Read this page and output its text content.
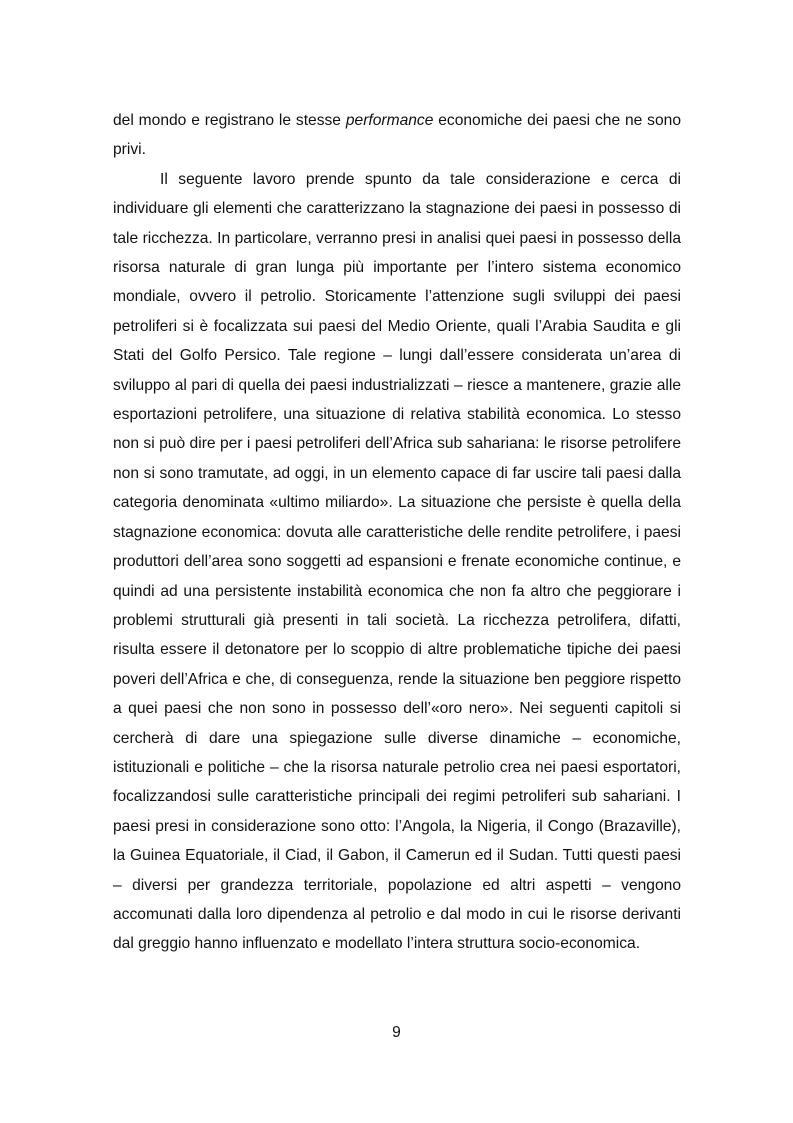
del mondo e registrano le stesse performance economiche dei paesi che ne sono privi.

Il seguente lavoro prende spunto da tale considerazione e cerca di individuare gli elementi che caratterizzano la stagnazione dei paesi in possesso di tale ricchezza. In particolare, verranno presi in analisi quei paesi in possesso della risorsa naturale di gran lunga più importante per l’intero sistema economico mondiale, ovvero il petrolio. Storicamente l’attenzione sugli sviluppi dei paesi petroliferi si è focalizzata sui paesi del Medio Oriente, quali l’Arabia Saudita e gli Stati del Golfo Persico. Tale regione – lungi dall’essere considerata un’area di sviluppo al pari di quella dei paesi industrializzati – riesce a mantenere, grazie alle esportazioni petrolifere, una situazione di relativa stabilità economica. Lo stesso non si può dire per i paesi petroliferi dell’Africa sub sahariana: le risorse petrolifere non si sono tramutate, ad oggi, in un elemento capace di far uscire tali paesi dalla categoria denominata «ultimo miliardo». La situazione che persiste è quella della stagnazione economica: dovuta alle caratteristiche delle rendite petrolifere, i paesi produttori dell’area sono soggetti ad espansioni e frenate economiche continue, e quindi ad una persistente instabilità economica che non fa altro che peggiorare i problemi strutturali già presenti in tali società. La ricchezza petrolifera, difatti, risulta essere il detonatore per lo scoppio di altre problematiche tipiche dei paesi poveri dell’Africa e che, di conseguenza, rende la situazione ben peggiore rispetto a quei paesi che non sono in possesso dell’«oro nero». Nei seguenti capitoli si cercherà di dare una spiegazione sulle diverse dinamiche – economiche, istituzionali e politiche – che la risorsa naturale petrolio crea nei paesi esportatori, focalizzandosi sulle caratteristiche principali dei regimi petroliferi sub sahariani. I paesi presi in considerazione sono otto: l’Angola, la Nigeria, il Congo (Brazaville), la Guinea Equatoriale, il Ciad, il Gabon, il Camerun ed il Sudan. Tutti questi paesi – diversi per grandezza territoriale, popolazione ed altri aspetti – vengono accomunati dalla loro dipendenza al petrolio e dal modo in cui le risorse derivanti dal greggio hanno influenzato e modellato l’intera struttura socio-economica.

9
